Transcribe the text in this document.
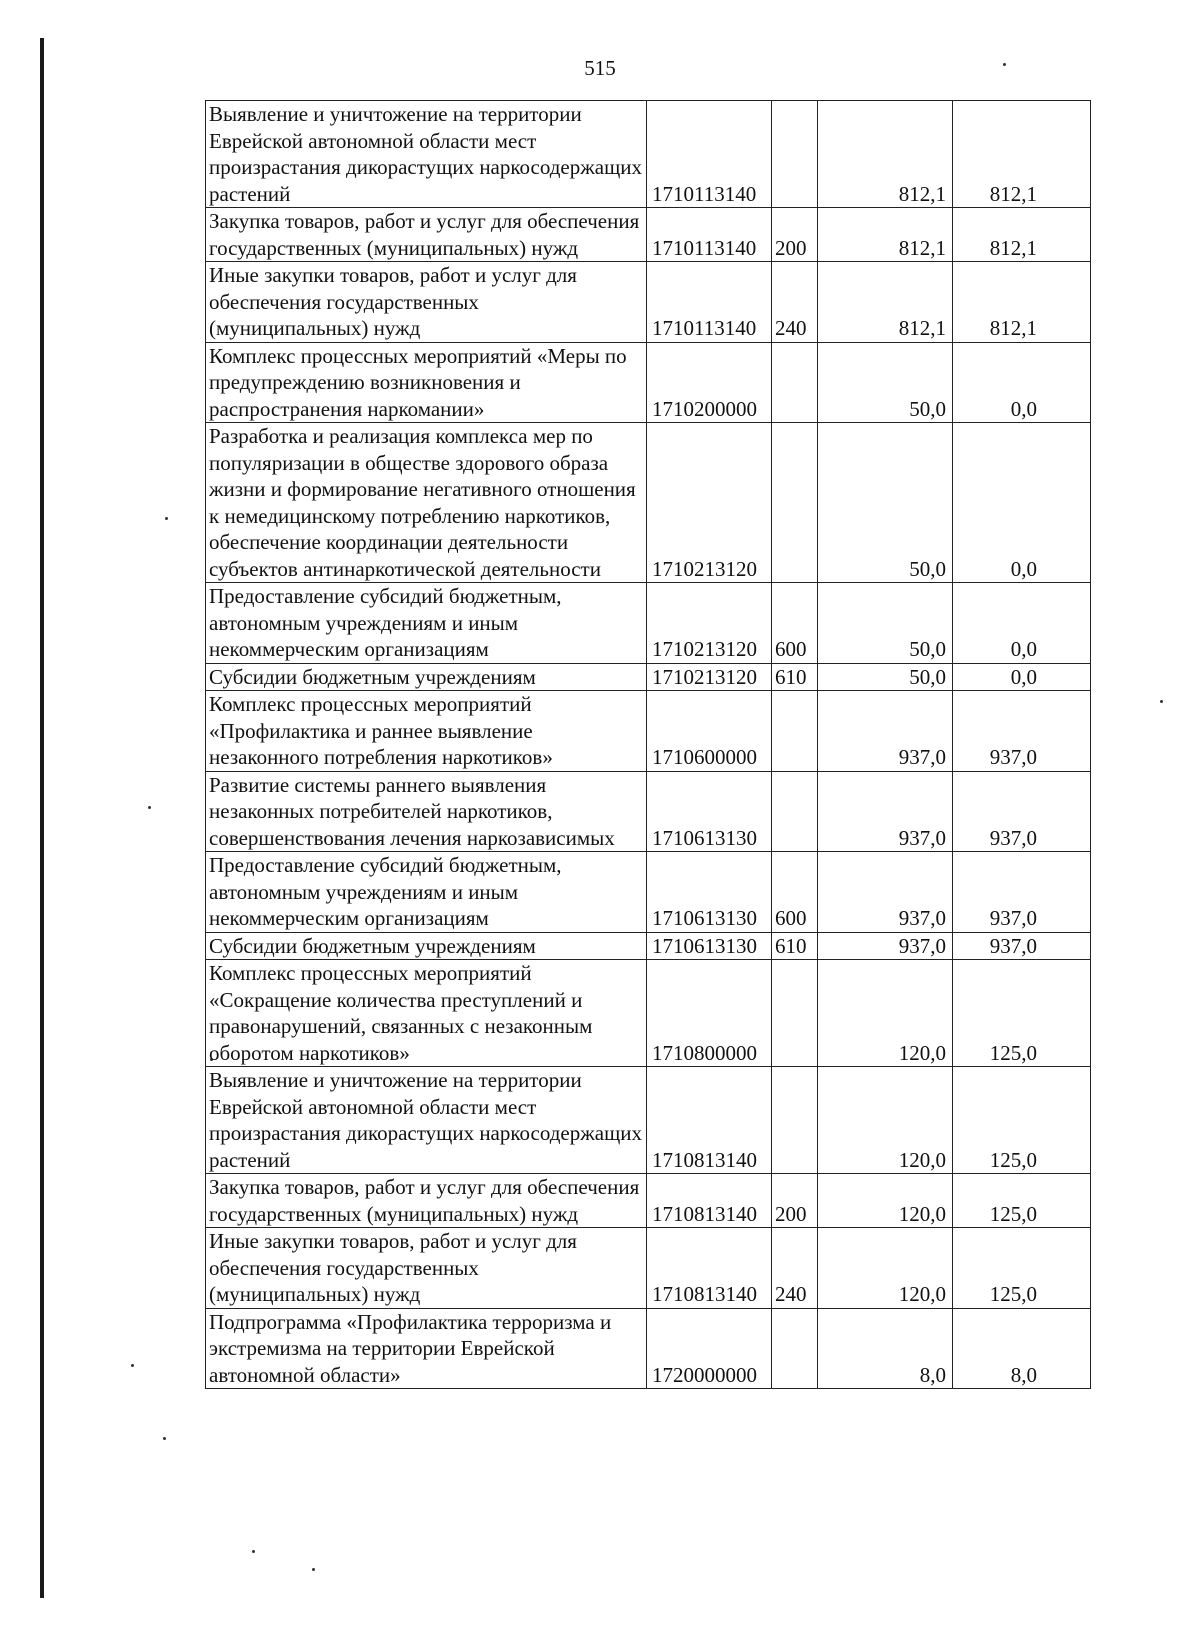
515
Выявление и уничтожение на территории Еврейской автономной области мест произрастания дикорастущих наркосодержащих растений	1710113140		812,1	812,1
Закупка товаров, работ и услуг для обеспечения государственных (муниципальных) нужд	1710113140	200	812,1	812,1
Иные закупки товаров, работ и услуг для обеспечения государственных (муниципальных) нужд	1710113140	240	812,1	812,1
Комплекс процессных мероприятий «Меры по предупреждению возникновения и распространения наркомании»	1710200000		50,0	0,0
Разработка и реализация комплекса мер по популяризации в обществе здорового образа жизни и формирование негативного отношения к немедицинскому потреблению наркотиков, обеспечение координации деятельности субъектов антинаркотической деятельности	1710213120		50,0	0,0
Предоставление субсидий бюджетным, автономным учреждениям и иным некоммерческим организациям	1710213120	600	50,0	0,0
Субсидии бюджетным учреждениям	1710213120	610	50,0	0,0
Комплекс процессных мероприятий «Профилактика и раннее выявление незаконного потребления наркотиков»	1710600000		937,0	937,0
Развитие системы раннего выявления незаконных потребителей наркотиков, совершенствования лечения наркозависимых	1710613130		937,0	937,0
Предоставление субсидий бюджетным, автономным учреждениям и иным некоммерческим организациям	1710613130	600	937,0	937,0
Субсидии бюджетным учреждениям	1710613130	610	937,0	937,0
Комплекс процессных мероприятий «Сокращение количества преступлений и правонарушений, связанных с незаконным оборотом наркотиков»	1710800000		120,0	125,0
Выявление и уничтожение на территории Еврейской автономной области мест произрастания дикорастущих наркосодержащих растений	1710813140		120,0	125,0
Закупка товаров, работ и услуг для обеспечения государственных (муниципальных) нужд	1710813140	200	120,0	125,0
Иные закупки товаров, работ и услуг для обеспечения государственных (муниципальных) нужд	1710813140	240	120,0	125,0
Подпрограмма «Профилактика терроризма и экстремизма на территории Еврейской автономной области»	1720000000		8,0	8,0
